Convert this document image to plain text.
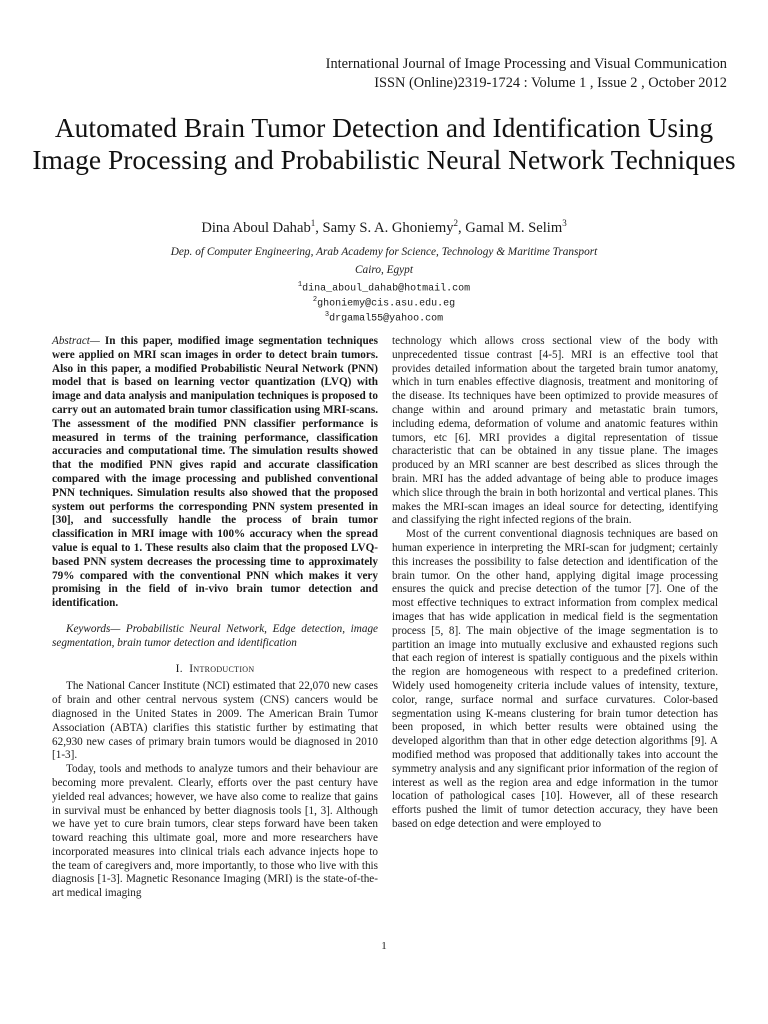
International Journal of Image Processing and Visual Communication
ISSN (Online)2319-1724 : Volume 1 , Issue 2 , October 2012
Automated Brain Tumor Detection and Identification Using Image Processing and Probabilistic Neural Network Techniques
Dina Aboul Dahab$^1$, Samy S. A. Ghoniemy$^2$, Gamal M. Selim$^3$
Dep. of Computer Engineering, Arab Academy for Science, Technology & Maritime Transport
Cairo, Egypt
$^1$dina_aboul_dahab@hotmail.com
$^2$ghoniemy@cis.asu.edu.eg
$^3$drgamal55@yahoo.com

Abstract— In this paper, modified image segmentation techniques were applied on MRI scan images in order to detect brain tumors. Also in this paper, a modified Probabilistic Neural Network (PNN) model that is based on learning vector quantization (LVQ) with image and data analysis and manipulation techniques is proposed to carry out an automated brain tumor classification using MRI-scans. The assessment of the modified PNN classifier performance is measured in terms of the training performance, classification accuracies and computational time. The simulation results showed that the modified PNN gives rapid and accurate classification compared with the image processing and published conventional PNN techniques. Simulation results also showed that the proposed system out performs the corresponding PNN system presented in [30], and successfully handle the process of brain tumor classification in MRI image with 100% accuracy when the spread value is equal to 1. These results also claim that the proposed LVQ-based PNN system decreases the processing time to approximately 79% compared with the conventional PNN which makes it very promising in the field of in-vivo brain tumor detection and identification.

Keywords— Probabilistic Neural Network, Edge detection, image segmentation, brain tumor detection and identification

I. Introduction

The National Cancer Institute (NCI) estimated that 22,070 new cases of brain and other central nervous system (CNS) cancers would be diagnosed in the United States in 2009. The American Brain Tumor Association (ABTA) clarifies this statistic further by estimating that 62,930 new cases of primary brain tumors would be diagnosed in 2010 [1-3].

Today, tools and methods to analyze tumors and their behaviour are becoming more prevalent. Clearly, efforts over the past century have yielded real advances; however, we have also come to realize that gains in survival must be enhanced by better diagnosis tools [1, 3]. Although we have yet to cure brain tumors, clear steps forward have been taken toward reaching this ultimate goal, more and more researchers have incorporated measures into clinical trials each advance injects hope to the team of caregivers and, more importantly, to those who live with this diagnosis [1-3]. Magnetic Resonance Imaging (MRI) is the state-of-the-art medical imaging

technology which allows cross sectional view of the body with unprecedented tissue contrast [4-5]. MRI is an effective tool that provides detailed information about the targeted brain tumor anatomy, which in turn enables effective diagnosis, treatment and monitoring of the disease. Its techniques have been optimized to provide measures of change within and around primary and metastatic brain tumors, including edema, deformation of volume and anatomic features within tumors, etc [6]. MRI provides a digital representation of tissue characteristic that can be obtained in any tissue plane. The images produced by an MRI scanner are best described as slices through the brain. MRI has the added advantage of being able to produce images which slice through the brain in both horizontal and vertical planes. This makes the MRI-scan images an ideal source for detecting, identifying and classifying the right infected regions of the brain.

Most of the current conventional diagnosis techniques are based on human experience in interpreting the MRI-scan for judgment; certainly this increases the possibility to false detection and identification of the brain tumor. On the other hand, applying digital image processing ensures the quick and precise detection of the tumor [7]. One of the most effective techniques to extract information from complex medical images that has wide application in medical field is the segmentation process [5, 8]. The main objective of the image segmentation is to partition an image into mutually exclusive and exhausted regions such that each region of interest is spatially contiguous and the pixels within the region are homogeneous with respect to a predefined criterion. Widely used homogeneity criteria include values of intensity, texture, color, range, surface normal and surface curvatures. Color-based segmentation using K-means clustering for brain tumor detection has been proposed, in which better results were obtained using the developed algorithm than that in other edge detection algorithms [9]. A modified method was proposed that additionally takes into account the symmetry analysis and any significant prior information of the region of interest as well as the region area and edge information in the tumor location of pathological cases [10]. However, all of these research efforts pushed the limit of tumor detection accuracy, they have been based on edge detection and were employed to

1
